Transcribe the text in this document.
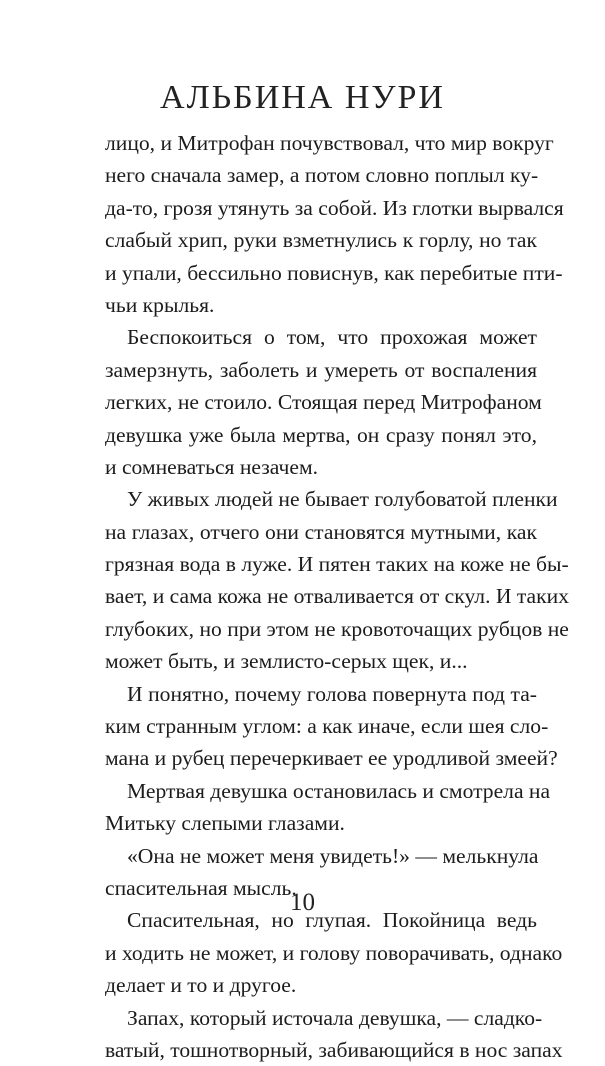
АЛЬБИНА НУРИ
лицо, и Митрофан почувствовал, что мир вокруг
него сначала замер, а потом словно поплыл ку-
да-то, грозя утянуть за собой. Из глотки вырвался
слабый хрип, руки взметнулись к горлу, но так
и упали, бессильно повиснув, как перебитые пти-
чьи крылья.
Беспокоиться о том, что прохожая может
замерзнуть, заболеть и умереть от воспаления
легких, не стоило. Стоящая перед Митрофаном
девушка уже была мертва, он сразу понял это,
и сомневаться незачем.
У живых людей не бывает голубоватой пленки
на глазах, отчего они становятся мутными, как
грязная вода в луже. И пятен таких на коже не бы-
вает, и сама кожа не отваливается от скул. И таких
глубоких, но при этом не кровоточащих рубцов не
может быть, и землисто-серых щек, и...
И понятно, почему голова повернута под та-
ким странным углом: а как иначе, если шея сло-
мана и рубец перечеркивает ее уродливой змеей?
Мертвая девушка остановилась и смотрела на
Митьку слепыми глазами.
«Она не может меня увидеть!» — мелькнула
спасительная мысль.
Спасительная, но глупая. Покойница ведь
и ходить не может, и голову поворачивать, однако
делает и то и другое.
Запах, который источала девушка, — сладко-
ватый, тошнотворный, забивающийся в нос запах
10
